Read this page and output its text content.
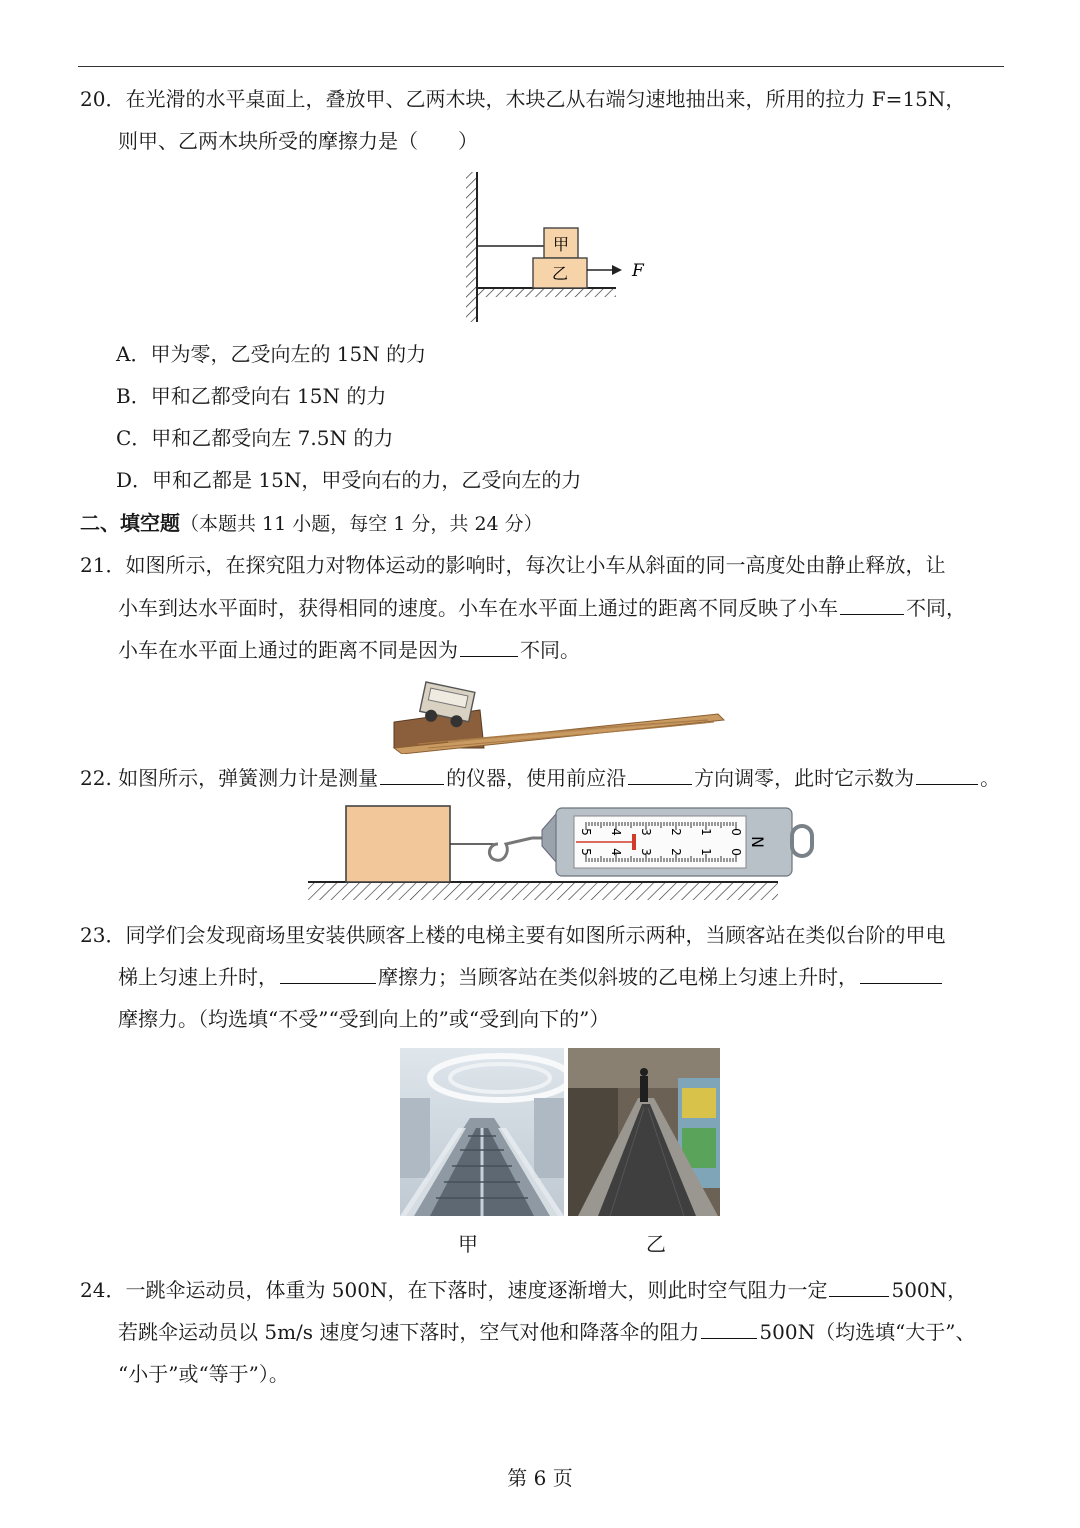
20．在光滑的水平桌面上，叠放甲、乙两木块，木块乙从右端匀速地抽出来，所用的拉力 F=15N，
则甲、乙两木块所受的摩擦力是（　　）
甲
乙	F
A．甲为零，乙受向左的 15N 的力
B．甲和乙都受向右 15N 的力
C．甲和乙都受向左 7.5N 的力
D．甲和乙都是 15N，甲受向右的力，乙受向左的力
二、填空题（本题共 11 小题，每空 1 分，共 24 分）
21．如图所示，在探究阻力对物体运动的影响时，每次让小车从斜面的同一高度处由静止释放，让
小车到达水平面时，获得相同的速度。小车在水平面上通过的距离不同反映了小车	不同，
小车在水平面上通过的距离不同是因为	不同。
22. 如图所示，弹簧测力计是测量	的仪器，使用前应沿	方向调零，此时它示数为	。
0
0
1
1
2
2
3
3
4
4
5
5
N
23．同学们会发现商场里安装供顾客上楼的电梯主要有如图所示两种，当顾客站在类似台阶的甲电
梯上匀速上升时，	摩擦力；当顾客站在类似斜坡的乙电梯上匀速上升时，
摩擦力。（均选填“不受”“受到向上的”或“受到向下的”）
甲	乙
24．一跳伞运动员，体重为 500N，在下落时，速度逐渐增大，则此时空气阻力一定	500N，
若跳伞运动员以 5m/s 速度匀速下落时，空气对他和降落伞的阻力	500N（均选填“大于”、
“小于”或“等于”）。
第 6 页
